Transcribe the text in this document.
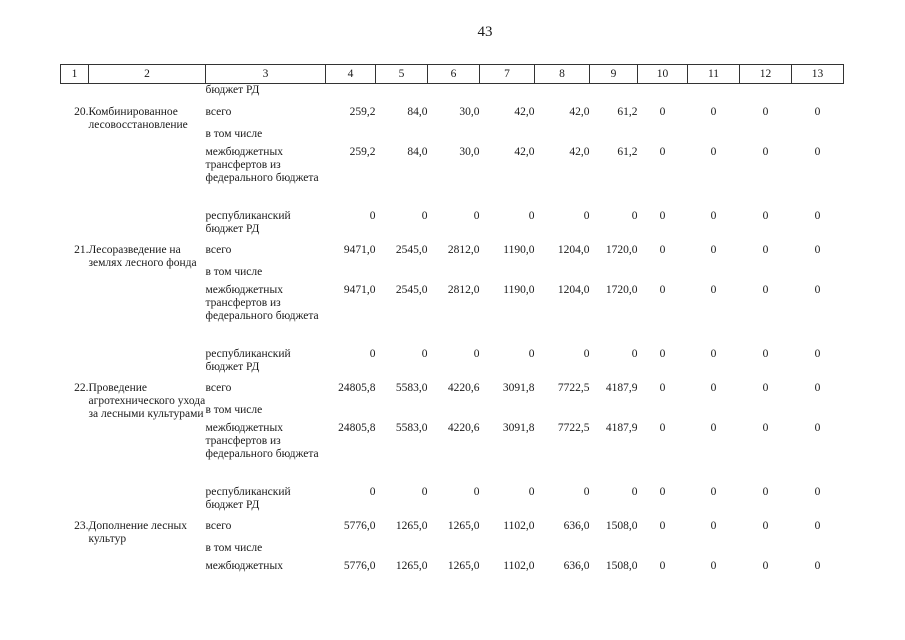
43
1	2	3	4	5	6	7	8	9	10	11	12	13
		бюджет РД										
20.	Комбинированное лесовосстановление	всего	259,2	84,0	30,0	42,0	42,0	61,2	0	0	0	0
		в том числе										
		межбюджетных трансфертов из федерального бюджета	259,2	84,0	30,0	42,0	42,0	61,2	0	0	0	0
		республиканский бюджет РД	0	0	0	0	0	0	0	0	0	0
21.	Лесоразведение на землях лесного фонда	всего	9471,0	2545,0	2812,0	1190,0	1204,0	1720,0	0	0	0	0
		в том числе										
		межбюджетных трансфертов из федерального бюджета	9471,0	2545,0	2812,0	1190,0	1204,0	1720,0	0	0	0	0
		республиканский бюджет РД	0	0	0	0	0	0	0	0	0	0
22.	Проведение агротехнического ухода за лесными культурами	всего	24805,8	5583,0	4220,6	3091,8	7722,5	4187,9	0	0	0	0
		в том числе										
		межбюджетных трансфертов из федерального бюджета	24805,8	5583,0	4220,6	3091,8	7722,5	4187,9	0	0	0	0
		республиканский бюджет РД	0	0	0	0	0	0	0	0	0	0
23.	Дополнение лесных культур	всего	5776,0	1265,0	1265,0	1102,0	636,0	1508,0	0	0	0	0
		в том числе										
		межбюджетных	5776,0	1265,0	1265,0	1102,0	636,0	1508,0	0	0	0	0
